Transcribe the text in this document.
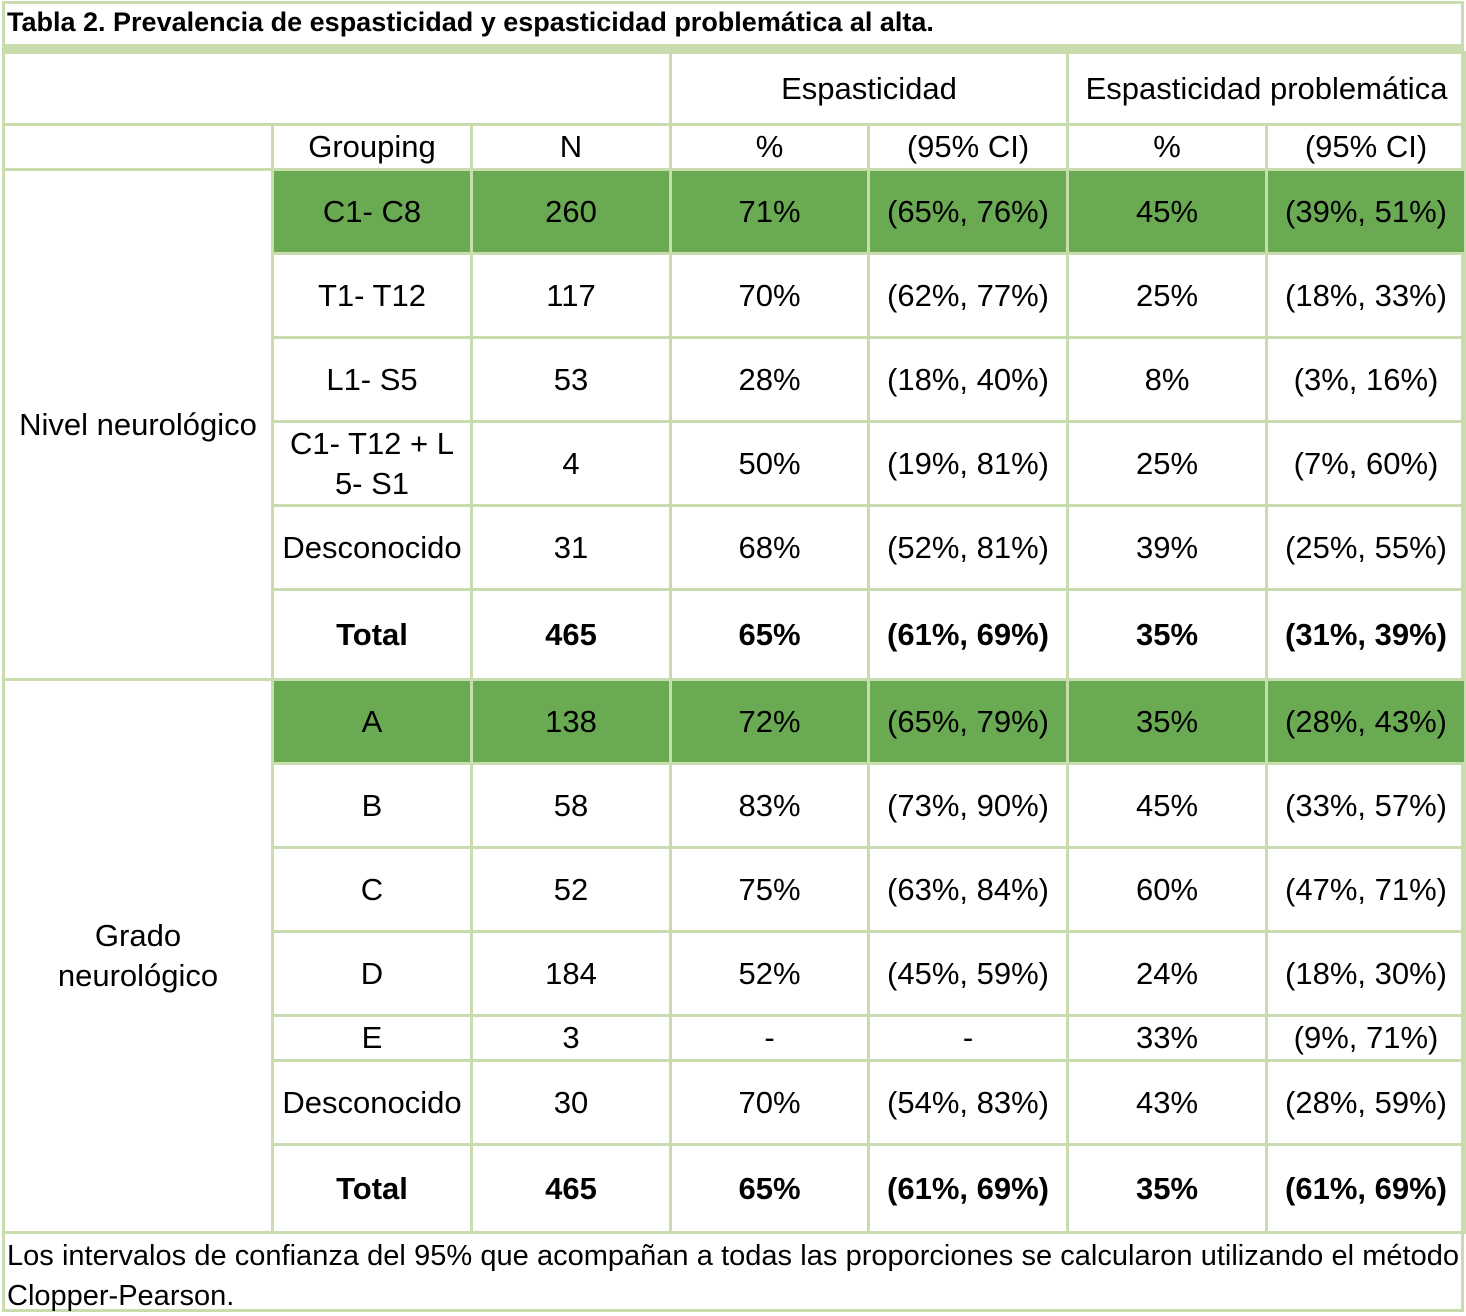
Tabla 2. Prevalencia de espasticidad y espasticidad problemática al alta.
			Espasticidad		Espasticidad problemática	
	Grouping	N	%	(95% CI)	%	(95% CI)

Nivel neurológico	C1- C8	260	71%	(65%, 76%)	45%	(39%, 51%)
	T1- T12	117	70%	(62%, 77%)	25%	(18%, 33%)
	L1- S5	53	28%	(18%, 40%)	8%	(3%, 16%)
	C1- T12 + L5- S1	4	50%	(19%, 81%)	25%	(7%, 60%)
	Desconocido	31	68%	(52%, 81%)	39%	(25%, 55%)
	Total	465	65%	(61%, 69%)	35%	(31%, 39%)

Grado neurológico	A	138	72%	(65%, 79%)	35%	(28%, 43%)
	B	58	83%	(73%, 90%)	45%	(33%, 57%)
	C	52	75%	(63%, 84%)	60%	(47%, 71%)
	D	184	52%	(45%, 59%)	24%	(18%, 30%)
	E	3	-	-	33%	(9%, 71%)
	Desconocido	30	70%	(54%, 83%)	43%	(28%, 59%)
	Total	465	65%	(61%, 69%)	35%	(61%, 69%)
Los intervalos de confianza del 95% que acompañan a todas las proporciones se calcularon utilizando el método Clopper-Pearson.
